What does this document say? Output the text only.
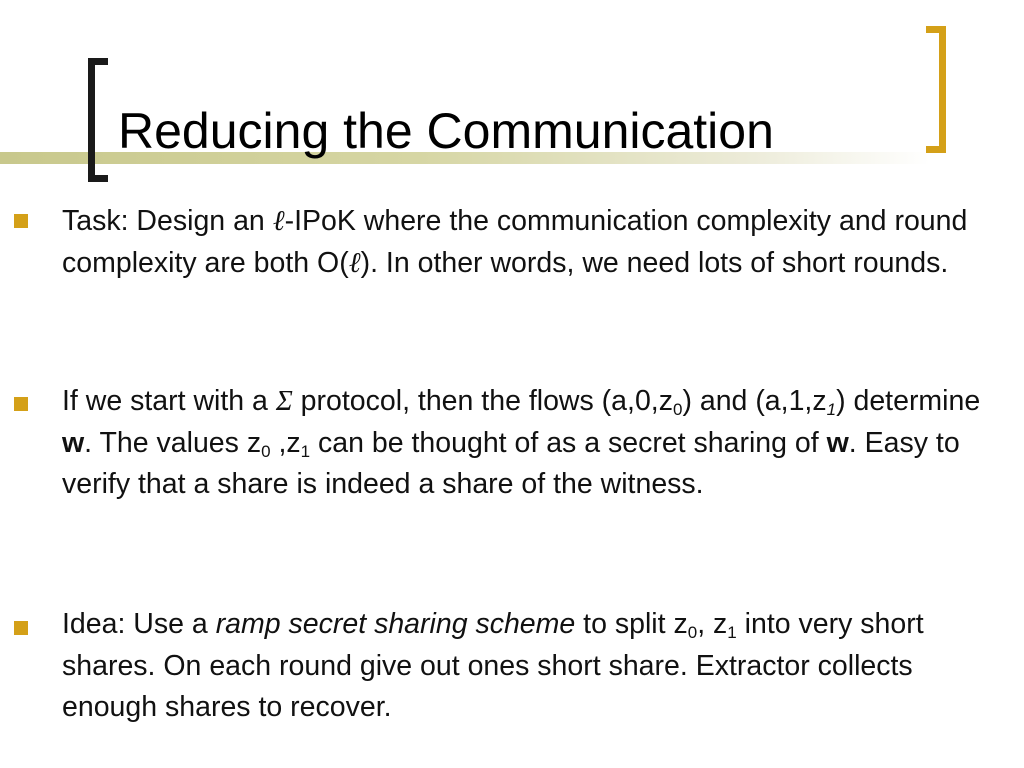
Reducing the Communication
Task: Design an ℓ-IPoK where the communication complexity and round complexity are both O(ℓ). In other words, we need lots of short rounds.
If we start with a Σ protocol, then the flows $(a,0,z_0)$ and $(a,1,z_1)$ determine w. The values $z_0$ $,z_1$ can be thought of as a secret sharing of w. Easy to verify that a share is indeed a share of the witness.
Idea: Use a ramp secret sharing scheme to split $z_0$, $z_1$ into very short shares. On each round give out ones short share. Extractor collects enough shares to recover.
